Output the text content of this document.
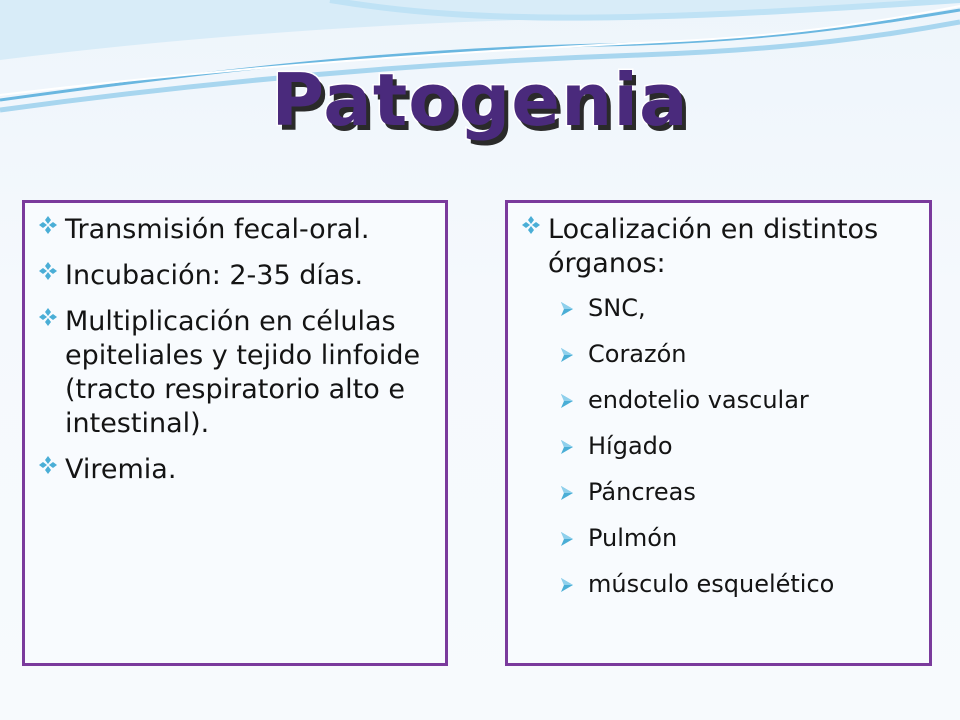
Patogenia
Transmisión fecal-oral.
Incubación: 2-35 días.
Multiplicación en células epiteliales y tejido linfoide (tracto respiratorio alto e intestinal).
Viremia.
Localización en distintos órganos:
SNC,
Corazón
endotelio vascular
Hígado
Páncreas
Pulmón
músculo esquelético
